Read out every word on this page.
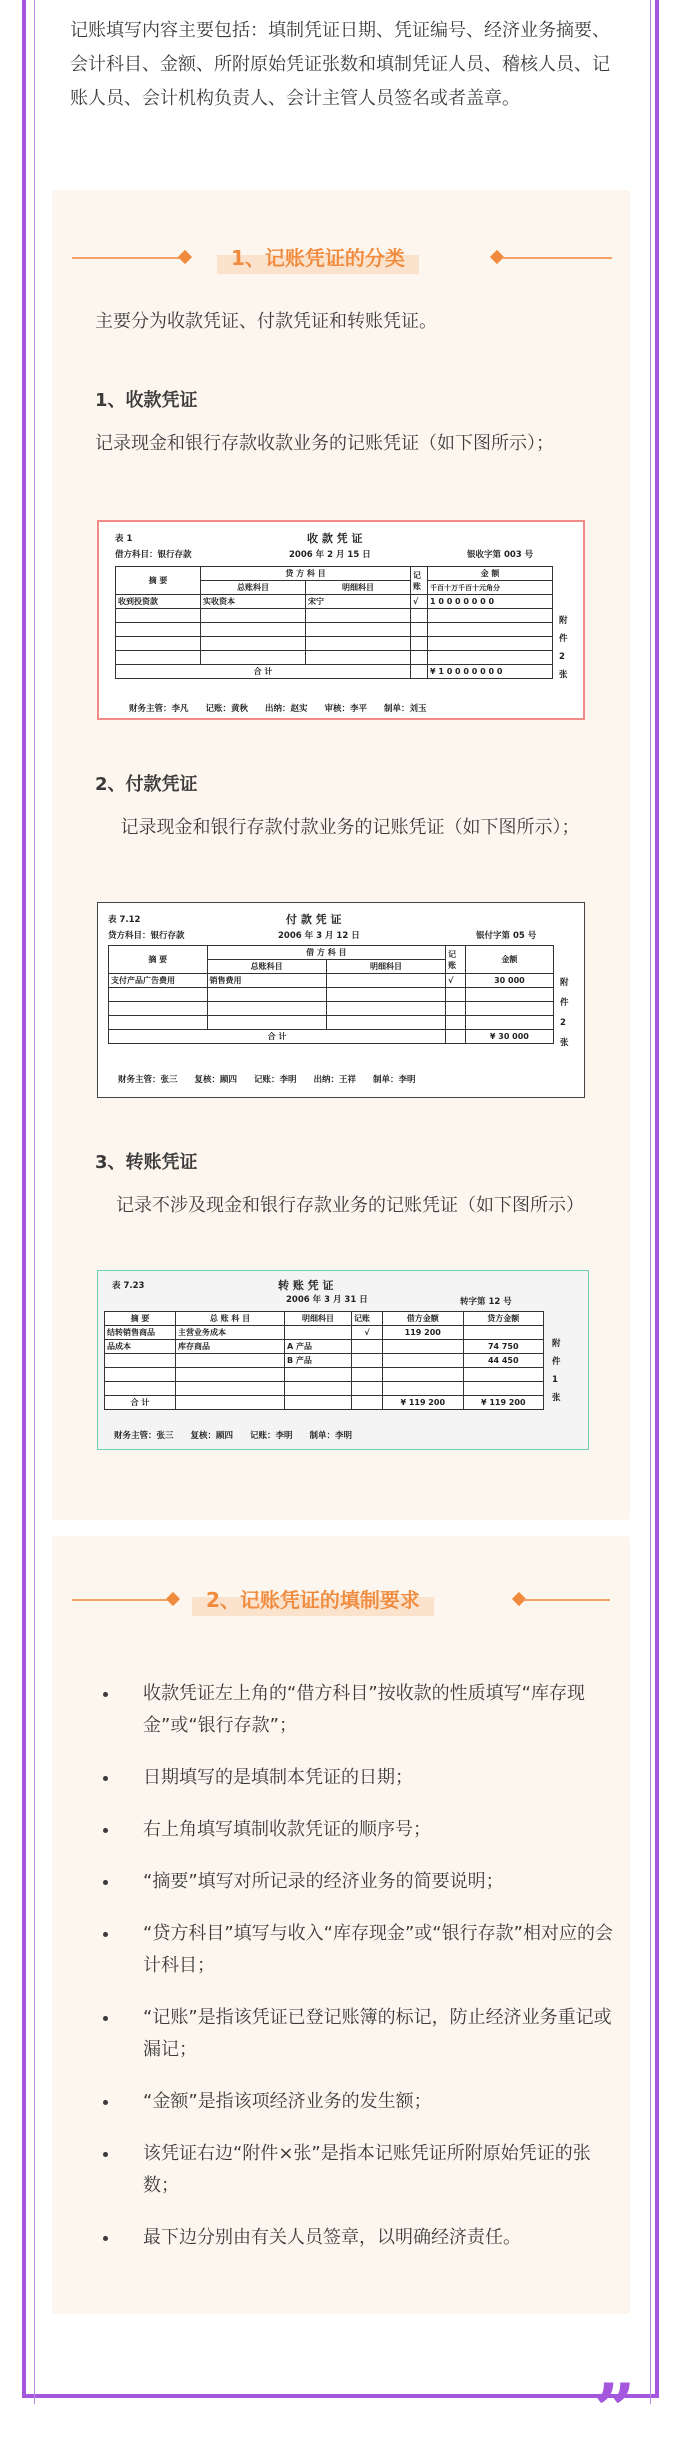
记账填写内容主要包括：填制凭证日期、凭证编号、经济业务摘要、会计科目、金额、所附原始凭证张数和填制凭证人员、稽核人员、记账人员、会计机构负责人、会计主管人员签名或者盖章。
1、记账凭证的分类
主要分为收款凭证、付款凭证和转账凭证。
1、收款凭证
记录现金和银行存款收款业务的记账凭证（如下图所示）；
表 1	收 款 凭 证
借方科目：银行存款	2006 年 2 月 15 日	银收字第 003 号
摘 要	贷 方 科 目		记账	金 额
	总账科目	明细科目		千百十万千百十元角分
收到投资款	实收资本	宋宁	√	1 0 0 0 0 0 0 0

合 计				¥ 1 0 0 0 0 0 0 0
附件2张
财务主管：李凡　　记账：黄秋　　出纳：赵实　　审核：李平　　制单：刘玉
2、付款凭证
记录现金和银行存款付款业务的记账凭证（如下图所示）；
表 7.12	付 款 凭 证
贷方科目：银行存款	2006 年 3 月 12 日	银付字第 05 号
摘 要	借 方 科 目		记账	金额
	总账科目	明细科目		
支付产品广告费用	销售费用		√	30 000

合 计				¥ 30 000
附件2张
财务主管：张三　　复核：顾四　　记账：李明　　出纳：王祥　　制单：李明
3、转账凭证
记录不涉及现金和银行存款业务的记账凭证（如下图所示）
表 7.23	转 账 凭 证
2006 年 3 月 31 日	转字第 12 号
摘 要	总 账 科 目	明细科目	记账	借方金额	贷方金额
结转销售商品	主营业务成本		√	119 200	
品成本	库存商品	A 产品			74 750
		B 产品			44 450

合 计				¥ 119 200	¥ 119 200
附件1张
财务主管：张三　　复核：顾四　　记账：李明　　制单：李明
2、记账凭证的填制要求
收款凭证左上角的“借方科目”按收款的性质填写“库存现金”或“银行存款”；
日期填写的是填制本凭证的日期；
右上角填写填制收款凭证的顺序号；
“摘要”填写对所记录的经济业务的简要说明；
“贷方科目”填写与收入“库存现金”或“银行存款”相对应的会计科目；
“记账”是指该凭证已登记账簿的标记，防止经济业务重记或漏记；
“金额”是指该项经济业务的发生额；
该凭证右边“附件×张”是指本记账凭证所附原始凭证的张数；
最下边分别由有关人员签章，以明确经济责任。
”
